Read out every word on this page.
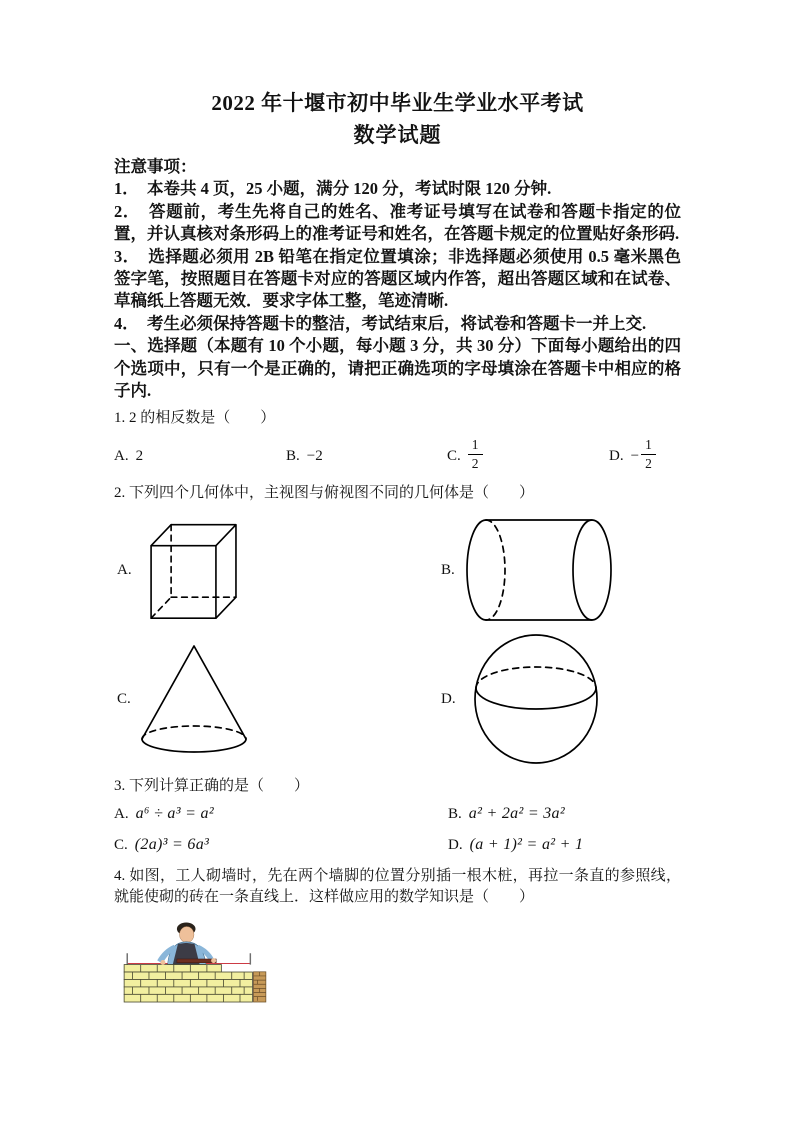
2022 年十堰市初中毕业生学业水平考试
数学试题

注意事项：

1．　本卷共 4 页，25 小题，满分 120 分，考试时限 120 分钟.

2．　答题前，考生先将自己的姓名、准考证号填写在试卷和答题卡指定的位置，并认真核对条形码上的准考证号和姓名，在答题卡规定的位置贴好条形码.

3．　选择题必须用 2B 铅笔在指定位置填涂；非选择题必须使用 0.5 毫米黑色签字笔，按照题目在答题卡对应的答题区域内作答，超出答题区域和在试卷、草稿纸上答题无效．要求字体工整，笔迹清晰.

4．　考生必须保持答题卡的整洁，考试结束后，将试卷和答题卡一并上交.

一、选择题（本题有 10 个小题，每小题 3 分，共 30 分）下面每小题给出的四个选项中，只有一个是正确的，请把正确选项的字母填涂在答题卡中相应的格子内.

1. 2 的相反数是（　　）

A. 2	B. −2	C. $\frac{1}{2}$	D. − $\frac{1}{2}$

2. 下列四个几何体中，主视图与俯视图不同的几何体是（　　）

A.	B.
C.	D.

3. 下列计算正确的是（　　）

A. a⁶ ÷ a³ = a²	B. a² + 2a² = 3a²
C. (2a)³ = 6a³	D. (a + 1)² = a² + 1

4. 如图，工人砌墙时，先在两个墙脚的位置分别插一根木桩，再拉一条直的参照线，就能使砌的砖在一条直线上．这样做应用的数学知识是（　　）
